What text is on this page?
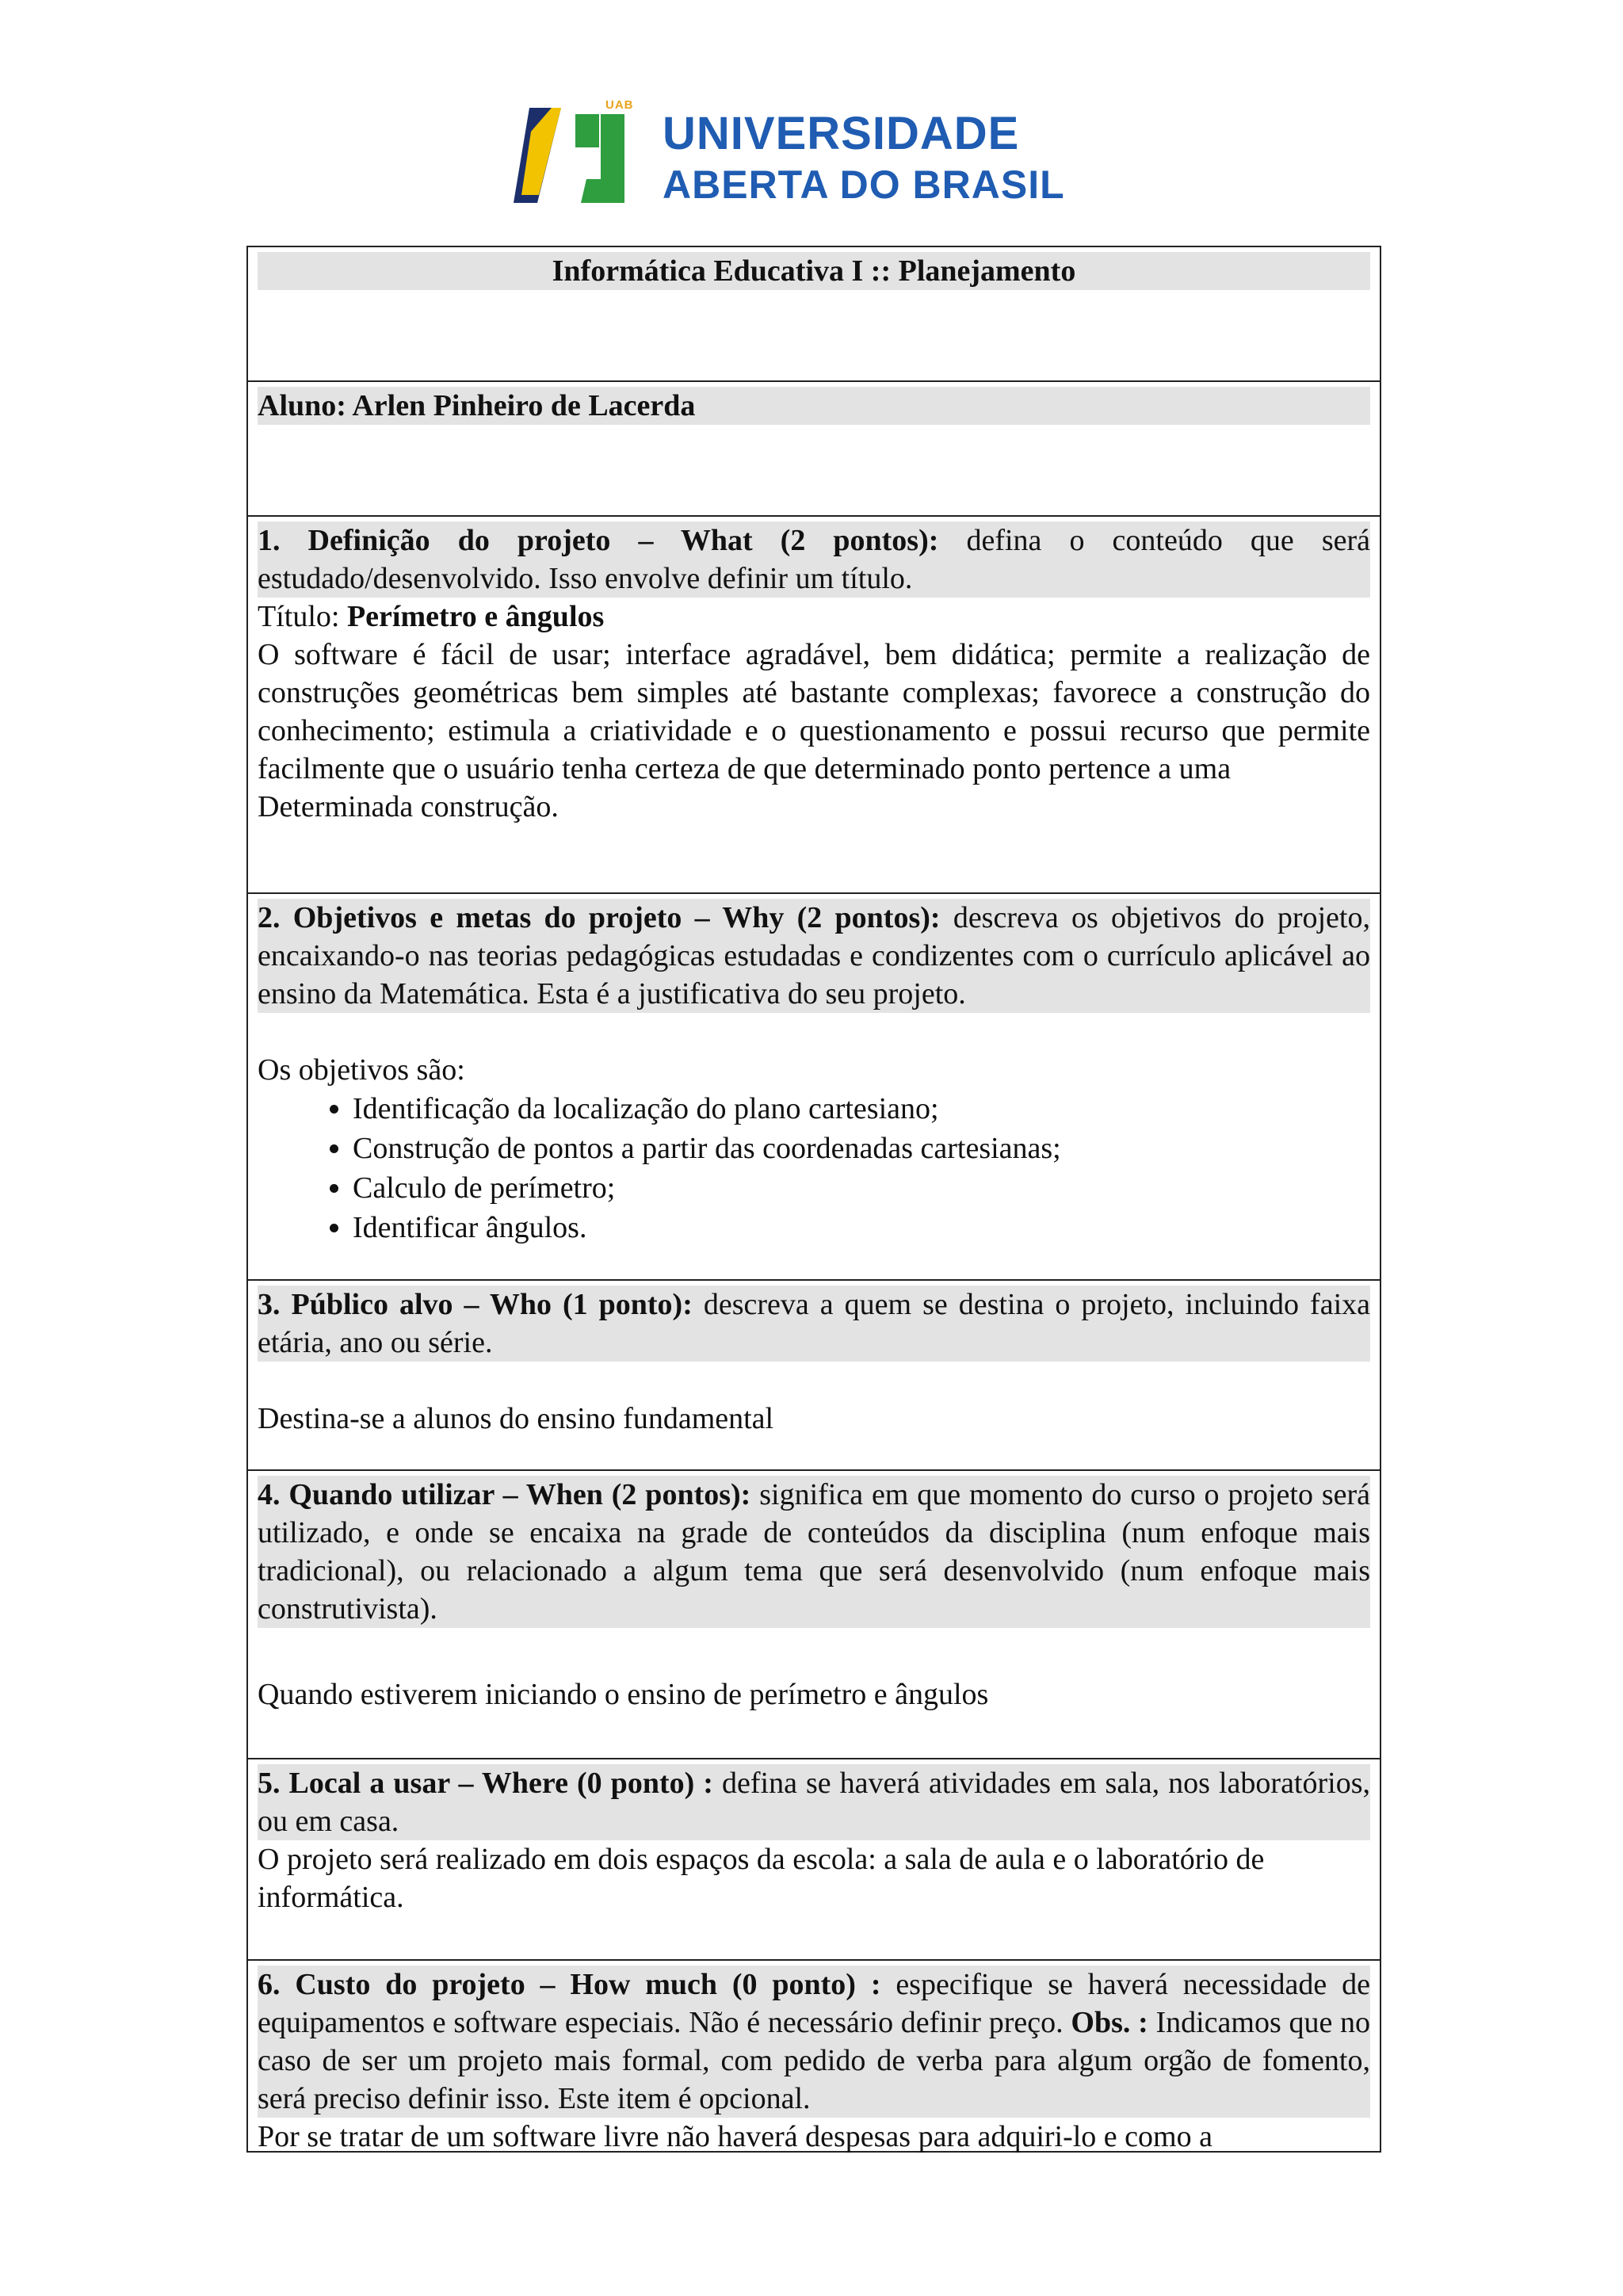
UAB
UNIVERSIDADE
ABERTA DO BRASIL

Informática Educativa I :: Planejamento

Aluno: Arlen Pinheiro de Lacerda

1. Definição do projeto – What (2 pontos): defina o conteúdo que será estudado/desenvolvido. Isso envolve definir um título.

Título: Perímetro e ângulos

O software é fácil de usar; interface agradável, bem didática; permite a realização de construções geométricas bem simples até bastante complexas; favorece a construção do conhecimento; estimula a criatividade e o questionamento e possui recurso que permite facilmente que o usuário tenha certeza de que determinado ponto pertence a uma

Determinada construção.

2. Objetivos e metas do projeto – Why (2 pontos): descreva os objetivos do projeto, encaixando-o nas teorias pedagógicas estudadas e condizentes com o currículo aplicável ao ensino da Matemática. Esta é a justificativa do seu projeto.

Os objetivos são:

• Identificação da localização do plano cartesiano;
• Construção de pontos a partir das coordenadas cartesianas;
• Calculo de perímetro;
• Identificar ângulos.

3. Público alvo – Who (1 ponto): descreva a quem se destina o projeto, incluindo faixa etária, ano ou série.

Destina-se a alunos do ensino fundamental

4. Quando utilizar – When (2 pontos): significa em que momento do curso o projeto será utilizado, e onde se encaixa na grade de conteúdos da disciplina (num enfoque mais tradicional), ou relacionado a algum tema que será desenvolvido (num enfoque mais construtivista).

Quando estiverem iniciando o ensino de perímetro e ângulos

5. Local a usar – Where (0 ponto) : defina se haverá atividades em sala, nos laboratórios, ou em casa.

O projeto será realizado em dois espaços da escola: a sala de aula e o laboratório de informática.

6. Custo do projeto – How much (0 ponto) : especifique se haverá necessidade de equipamentos e software especiais. Não é necessário definir preço. Obs. : Indicamos que no caso de ser um projeto mais formal, com pedido de verba para algum orgão de fomento, será preciso definir isso. Este item é opcional.

Por se tratar de um software livre não haverá despesas para adquiri-lo e como a
